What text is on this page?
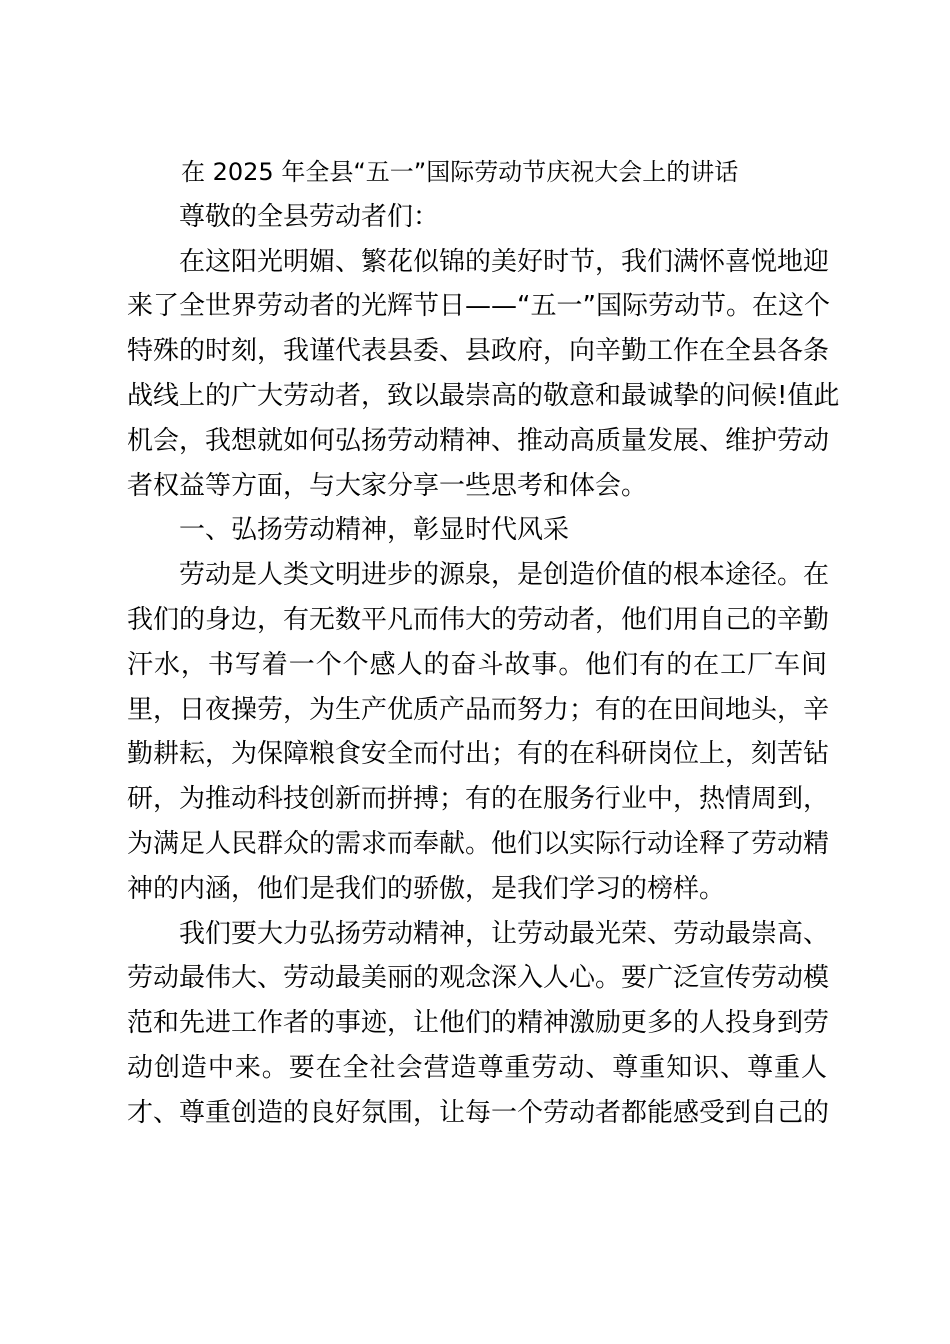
在 2025 年全县“五一”国际劳动节庆祝大会上的讲话
尊敬的全县劳动者们：
在这阳光明媚、繁花似锦的美好时节，我们满怀喜悦地迎
来了全世界劳动者的光辉节日——“五一”国际劳动节。在这个
特殊的时刻，我谨代表县委、县政府，向辛勤工作在全县各条
战线上的广大劳动者，致以最崇高的敬意和最诚挚的问候!值此
机会，我想就如何弘扬劳动精神、推动高质量发展、维护劳动
者权益等方面，与大家分享一些思考和体会。
一、弘扬劳动精神，彰显时代风采
劳动是人类文明进步的源泉，是创造价值的根本途径。在
我们的身边，有无数平凡而伟大的劳动者，他们用自己的辛勤
汗水，书写着一个个感人的奋斗故事。他们有的在工厂车间
里，日夜操劳，为生产优质产品而努力；有的在田间地头，辛
勤耕耘，为保障粮食安全而付出；有的在科研岗位上，刻苦钻
研，为推动科技创新而拼搏；有的在服务行业中，热情周到，
为满足人民群众的需求而奉献。他们以实际行动诠释了劳动精
神的内涵，他们是我们的骄傲，是我们学习的榜样。
我们要大力弘扬劳动精神，让劳动最光荣、劳动最崇高、
劳动最伟大、劳动最美丽的观念深入人心。要广泛宣传劳动模
范和先进工作者的事迹，让他们的精神激励更多的人投身到劳
动创造中来。要在全社会营造尊重劳动、尊重知识、尊重人
才、尊重创造的良好氛围，让每一个劳动者都能感受到自己的
